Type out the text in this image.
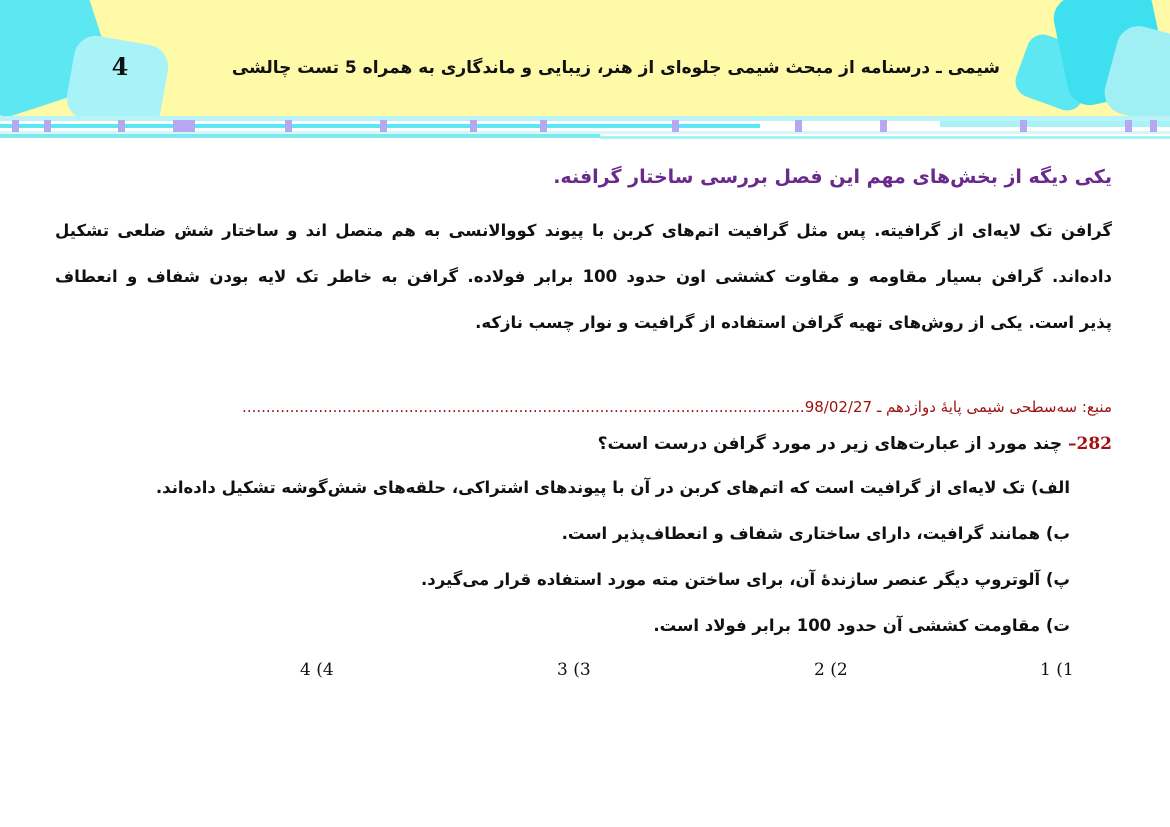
4	شیمی ـ درسنامه از مبحث شیمی جلوه‌ای از هنر، زیبایی و ماندگاری به همراه 5 تست چالشی
یکی دیگه از بخش‌های مهم این فصل بررسی ساختار گرافنه.
گرافن تک لایه‌ای از گرافیته. پس مثل گرافیت اتم‌های کربن با پیوند کووالانسی به هم متصل اند و ساختار شش ضلعی تشکیل
داده‌اند. گرافن بسیار مقاومه و مقاوت کششی اون حدود 100 برابر فولاده. گرافن به خاطر تک لایه بودن شفاف و انعطاف
پذیر است. یکی از روش‌های تهیه گرافن استفاده از گرافیت و نوار چسب نازکه.
منبع: سه‌سطحی شیمی پایهٔ دوازدهم ـ 98/02/27......................................................................................................................
282– چند مورد از عبارت‌های زیر در مورد گرافن درست است؟
الف) تک لایه‌ای از گرافیت است که اتم‌های کربن در آن با پیوندهای اشتراکی، حلقه‌های شش‌گوشه تشکیل داده‌اند.
ب) همانند گرافیت، دارای ساختاری شفاف و انعطاف‌پذیر است.
پ) آلوتروپ دیگر عنصر سازندهٔ آن، برای ساختن مته مورد استفاده قرار می‌گیرد.
ت) مقاومت کششی آن حدود 100 برابر فولاد است.
1 (1
2 (2
3 (3
4 (4
